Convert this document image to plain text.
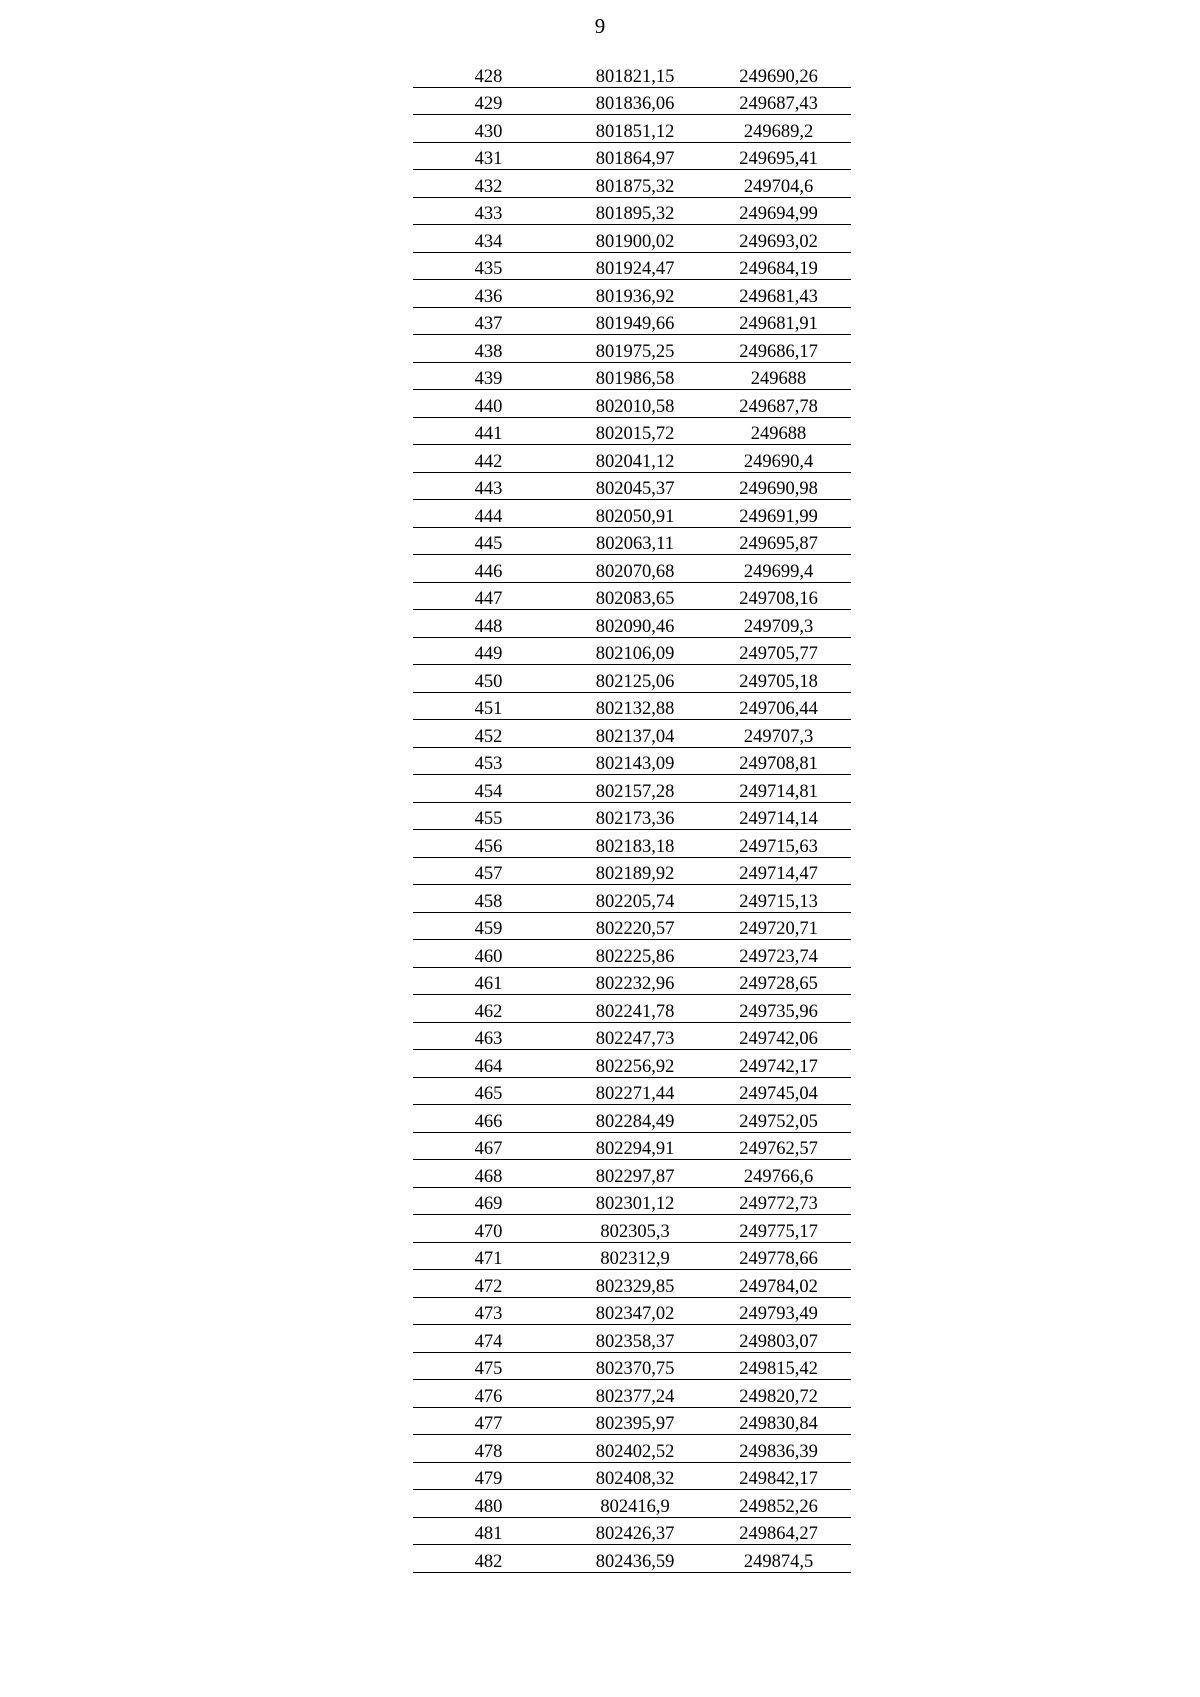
9
428	801821,15	249690,26
429	801836,06	249687,43
430	801851,12	249689,2
431	801864,97	249695,41
432	801875,32	249704,6
433	801895,32	249694,99
434	801900,02	249693,02
435	801924,47	249684,19
436	801936,92	249681,43
437	801949,66	249681,91
438	801975,25	249686,17
439	801986,58	249688
440	802010,58	249687,78
441	802015,72	249688
442	802041,12	249690,4
443	802045,37	249690,98
444	802050,91	249691,99
445	802063,11	249695,87
446	802070,68	249699,4
447	802083,65	249708,16
448	802090,46	249709,3
449	802106,09	249705,77
450	802125,06	249705,18
451	802132,88	249706,44
452	802137,04	249707,3
453	802143,09	249708,81
454	802157,28	249714,81
455	802173,36	249714,14
456	802183,18	249715,63
457	802189,92	249714,47
458	802205,74	249715,13
459	802220,57	249720,71
460	802225,86	249723,74
461	802232,96	249728,65
462	802241,78	249735,96
463	802247,73	249742,06
464	802256,92	249742,17
465	802271,44	249745,04
466	802284,49	249752,05
467	802294,91	249762,57
468	802297,87	249766,6
469	802301,12	249772,73
470	802305,3	249775,17
471	802312,9	249778,66
472	802329,85	249784,02
473	802347,02	249793,49
474	802358,37	249803,07
475	802370,75	249815,42
476	802377,24	249820,72
477	802395,97	249830,84
478	802402,52	249836,39
479	802408,32	249842,17
480	802416,9	249852,26
481	802426,37	249864,27
482	802436,59	249874,5
